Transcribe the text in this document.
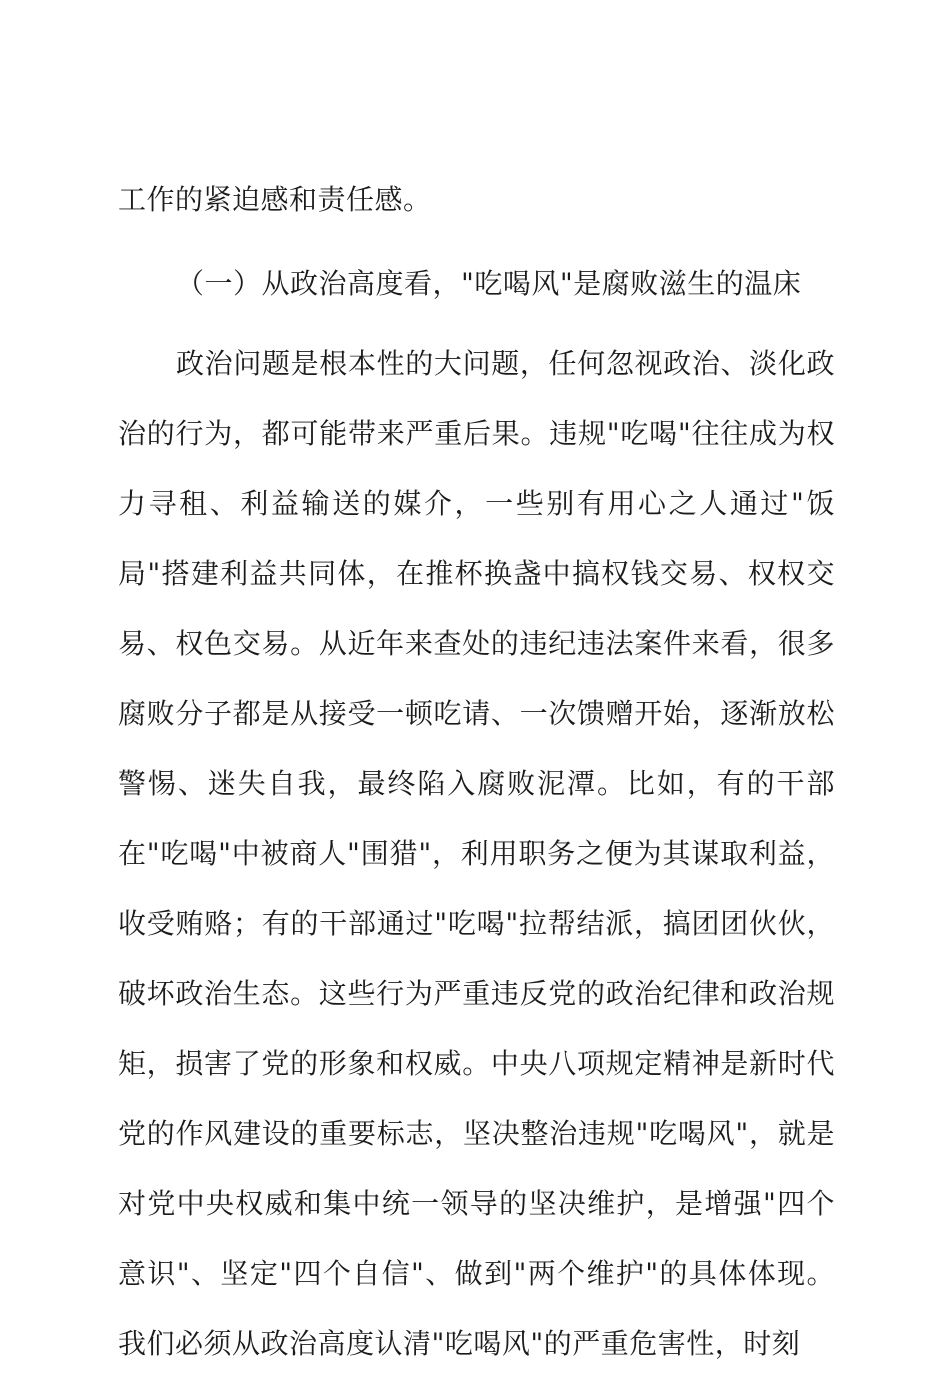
工作的紧迫感和责任感。

（一）从政治高度看，"吃喝风"是腐败滋生的温床

政治问题是根本性的大问题，任何忽视政治、淡化政治的行为，都可能带来严重后果。违规"吃喝"往往成为权力寻租、利益输送的媒介，一些别有用心之人通过"饭局"搭建利益共同体，在推杯换盏中搞权钱交易、权权交易、权色交易。从近年来查处的违纪违法案件来看，很多腐败分子都是从接受一顿吃请、一次馈赠开始，逐渐放松警惕、迷失自我，最终陷入腐败泥潭。比如，有的干部在"吃喝"中被商人"围猎"，利用职务之便为其谋取利益，收受贿赂；有的干部通过"吃喝"拉帮结派，搞团团伙伙，破坏政治生态。这些行为严重违反党的政治纪律和政治规矩，损害了党的形象和权威。中央八项规定精神是新时代党的作风建设的重要标志，坚决整治违规"吃喝风"，就是对党中央权威和集中统一领导的坚决维护，是增强"四个意识"、坚定"四个自信"、做到"两个维护"的具体体现。我们必须从政治高度认清"吃喝风"的严重危害性，时刻
